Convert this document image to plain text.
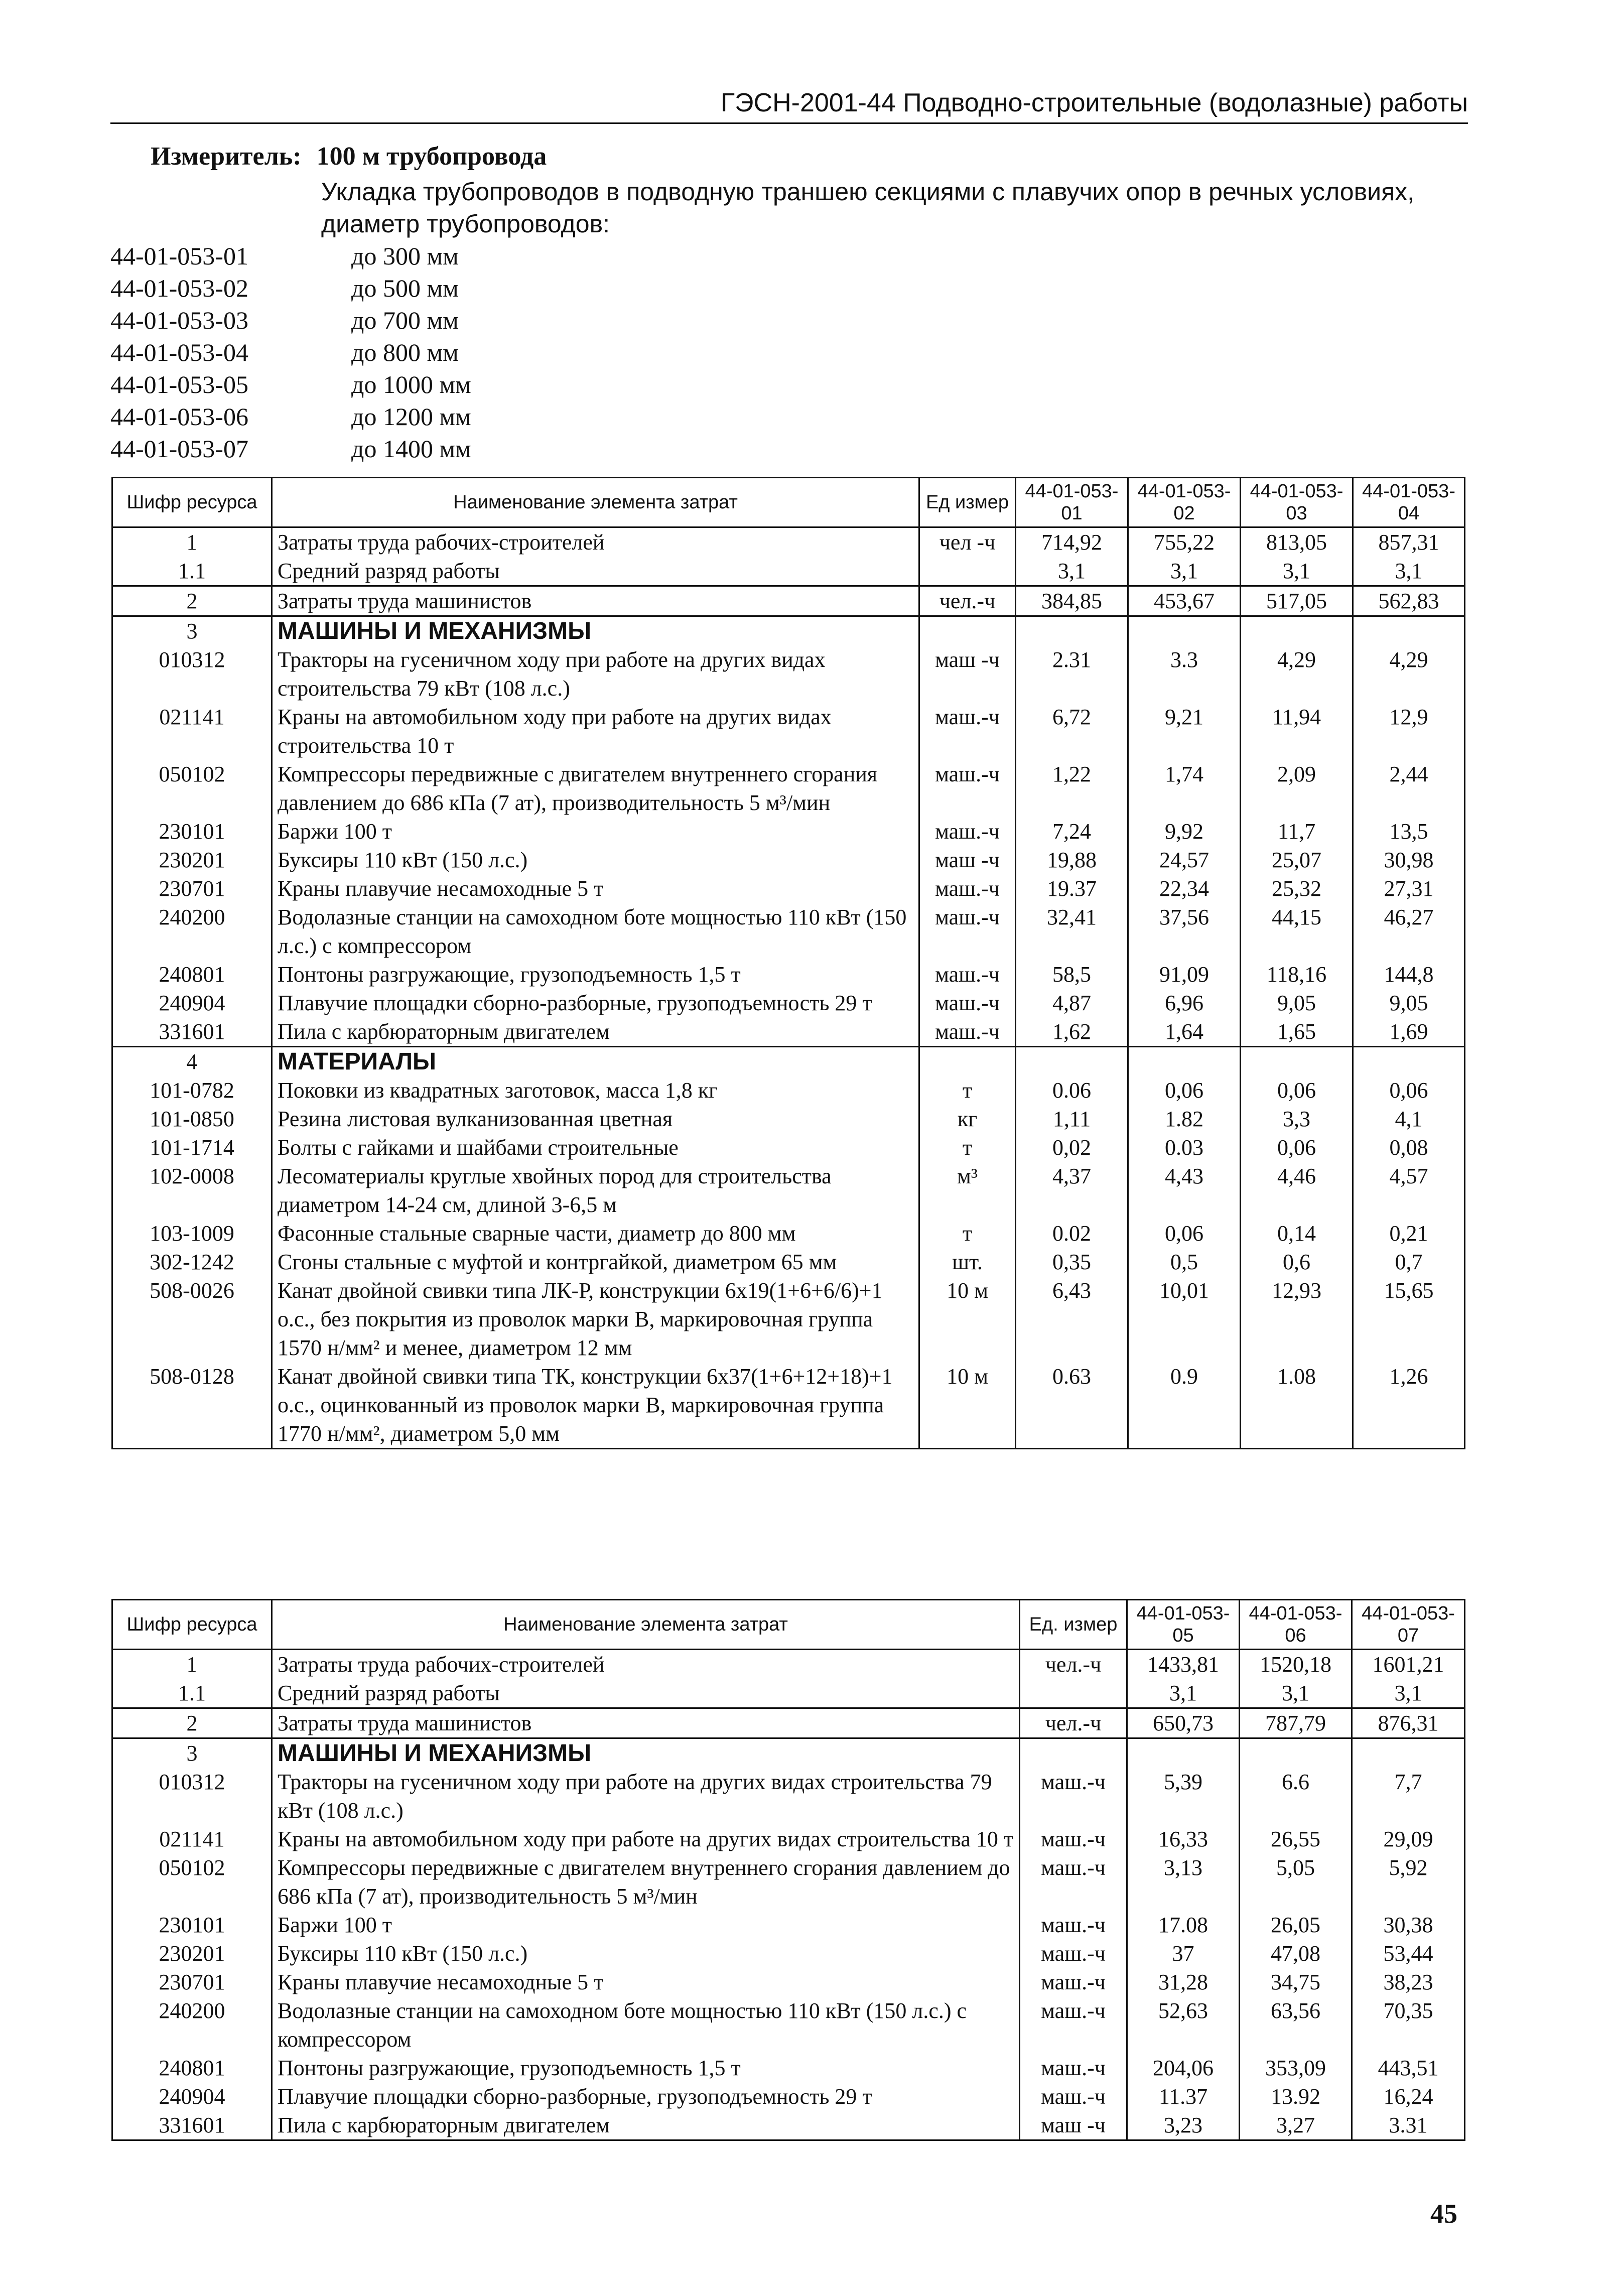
ГЭСН-2001-44 Подводно-строительные (водолазные) работы
Измеритель: 100 м трубопровода
Укладка трубопроводов в подводную траншею секциями с плавучих опор в речных условиях, диаметр трубопроводов:
44-01-053-01	до 300 мм
44-01-053-02	до 500 мм
44-01-053-03	до 700 мм
44-01-053-04	до 800 мм
44-01-053-05	до 1000 мм
44-01-053-06	до 1200 мм
44-01-053-07	до 1400 мм
Шифр ресурса	Наименование элемента затрат	Ед измер	44-01-053-01	44-01-053-02	44-01-053-03	44-01-053-04
1	Затраты труда рабочих-строителей	чел -ч	714,92	755,22	813,05	857,31
1.1	Средний разряд работы		3,1	3,1	3,1	3,1
2	Затраты труда машинистов	чел.-ч	384,85	453,67	517,05	562,83
3	МАШИНЫ И МЕХАНИЗМЫ					
010312	Тракторы на гусеничном ходу при работе на других видах строительства 79 кВт (108 л.с.)	маш -ч	2.31	3.3	4,29	4,29
021141	Краны на автомобильном ходу при работе на других видах строительства 10 т	маш.-ч	6,72	9,21	11,94	12,9
050102	Компрессоры передвижные с двигателем внутреннего сгорания давлением до 686 кПа (7 ат), производительность 5 м³/мин	маш.-ч	1,22	1,74	2,09	2,44
230101	Баржи 100 т	маш.-ч	7,24	9,92	11,7	13,5
230201	Буксиры 110 кВт (150 л.с.)	маш -ч	19,88	24,57	25,07	30,98
230701	Краны плавучие несамоходные 5 т	маш.-ч	19.37	22,34	25,32	27,31
240200	Водолазные станции на самоходном боте мощностью 110 кВт (150 л.с.) с компрессором	маш.-ч	32,41	37,56	44,15	46,27
240801	Понтоны разгружающие, грузоподъемность 1,5 т	маш.-ч	58,5	91,09	118,16	144,8
240904	Плавучие площадки сборно-разборные, грузоподъемность 29 т	маш.-ч	4,87	6,96	9,05	9,05
331601	Пила с карбюраторным двигателем	маш.-ч	1,62	1,64	1,65	1,69
4	МАТЕРИАЛЫ					
101-0782	Поковки из квадратных заготовок, масса 1,8 кг	т	0.06	0,06	0,06	0,06
101-0850	Резина листовая вулканизованная цветная	кг	1,11	1.82	3,3	4,1
101-1714	Болты с гайками и шайбами строительные	т	0,02	0.03	0,06	0,08
102-0008	Лесоматериалы круглые хвойных пород для строительства диаметром 14-24 см, длиной 3-6,5 м	м³	4,37	4,43	4,46	4,57
103-1009	Фасонные стальные сварные части, диаметр до 800 мм	т	0.02	0,06	0,14	0,21
302-1242	Сгоны стальные с муфтой и контргайкой, диаметром 65 мм	шт.	0,35	0,5	0,6	0,7
508-0026	Канат двойной свивки типа ЛК-Р, конструкции 6х19(1+6+6/6)+1 о.с., без покрытия из проволок марки В, маркировочная группа 1570 н/мм² и менее, диаметром 12 мм	10 м	6,43	10,01	12,93	15,65
508-0128	Канат двойной свивки типа ТК, конструкции 6х37(1+6+12+18)+1 о.с., оцинкованный из проволок марки В, маркировочная группа 1770 н/мм², диаметром 5,0 мм	10 м	0.63	0.9	1.08	1,26
Шифр ресурса	Наименование элемента затрат	Ед. измер	44-01-053-05	44-01-053-06	44-01-053-07
1	Затраты труда рабочих-строителей	чел.-ч	1433,81	1520,18	1601,21
1.1	Средний разряд работы		3,1	3,1	3,1
2	Затраты труда машинистов	чел.-ч	650,73	787,79	876,31
3	МАШИНЫ И МЕХАНИЗМЫ				
010312	Тракторы на гусеничном ходу при работе на других видах строительства 79 кВт (108 л.с.)	маш.-ч	5,39	6.6	7,7
021141	Краны на автомобильном ходу при работе на других видах строительства 10 т	маш.-ч	16,33	26,55	29,09
050102	Компрессоры передвижные с двигателем внутреннего сгорания давлением до 686 кПа (7 ат), производительность 5 м³/мин	маш.-ч	3,13	5,05	5,92
230101	Баржи 100 т	маш.-ч	17.08	26,05	30,38
230201	Буксиры 110 кВт (150 л.с.)	маш.-ч	37	47,08	53,44
230701	Краны плавучие несамоходные 5 т	маш.-ч	31,28	34,75	38,23
240200	Водолазные станции на самоходном боте мощностью 110 кВт (150 л.с.) с компрессором	маш.-ч	52,63	63,56	70,35
240801	Понтоны разгружающие, грузоподъемность 1,5 т	маш.-ч	204,06	353,09	443,51
240904	Плавучие площадки сборно-разборные, грузоподъемность 29 т	маш.-ч	11.37	13.92	16,24
331601	Пила с карбюраторным двигателем	маш -ч	3,23	3,27	3.31
45
